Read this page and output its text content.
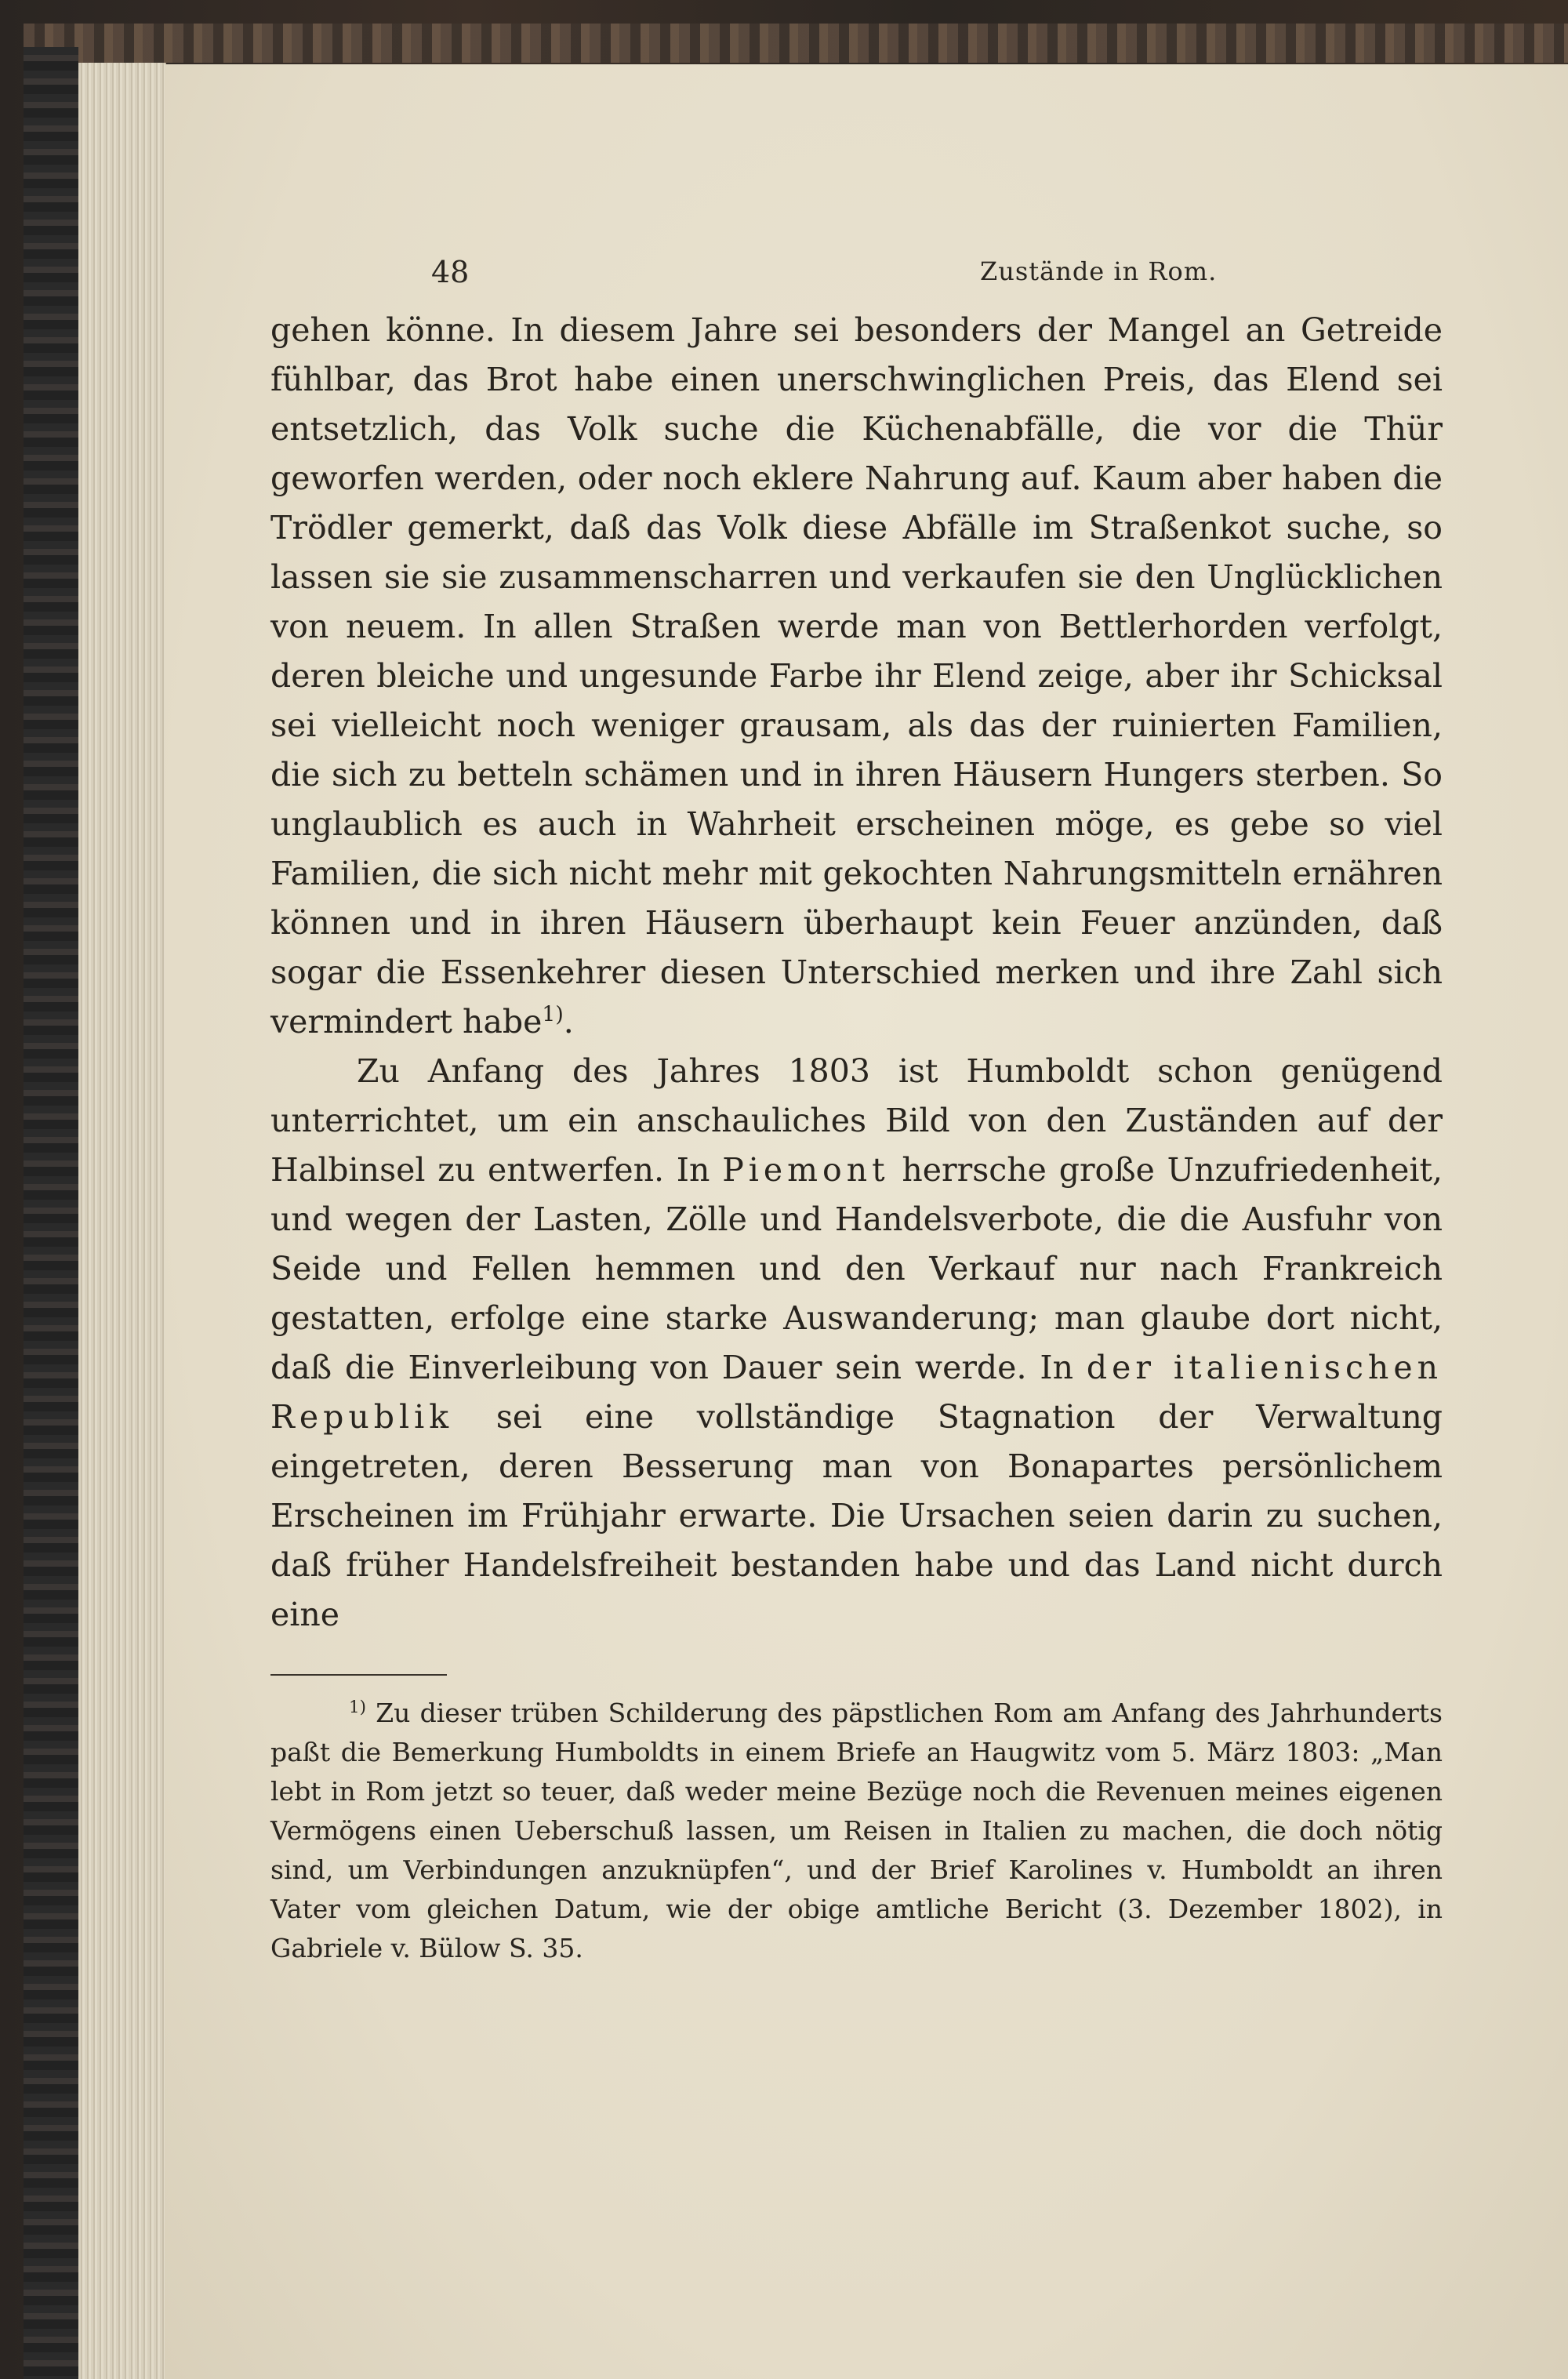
48	Zustände in Rom.

gehen könne. In diesem Jahre sei besonders der Mangel an Getreide fühlbar, das Brot habe einen unerschwinglichen Preis, das Elend sei entsetzlich, das Volk suche die Küchenabfälle, die vor die Thür geworfen werden, oder noch eklere Nahrung auf. Kaum aber haben die Trödler gemerkt, daß das Volk diese Abfälle im Straßenkot suche, so lassen sie sie zusammenscharren und verkaufen sie den Unglücklichen von neuem. In allen Straßen werde man von Bettlerhorden verfolgt, deren bleiche und ungesunde Farbe ihr Elend zeige, aber ihr Schicksal sei vielleicht noch weniger grausam, als das der ruinierten Familien, die sich zu betteln schämen und in ihren Häusern Hungers sterben. So unglaublich es auch in Wahrheit erscheinen möge, es gebe so viel Familien, die sich nicht mehr mit gekochten Nahrungsmitteln ernähren können und in ihren Häusern überhaupt kein Feuer anzünden, daß sogar die Essenkehrer diesen Unterschied merken und ihre Zahl sich vermindert habe$^{1)}$.

Zu Anfang des Jahres 1803 ist Humboldt schon genügend unterrichtet, um ein anschauliches Bild von den Zuständen auf der Halbinsel zu entwerfen. In Piemont herrsche große Unzufriedenheit, und wegen der Lasten, Zölle und Handelsverbote, die die Ausfuhr von Seide und Fellen hemmen und den Verkauf nur nach Frankreich gestatten, erfolge eine starke Auswanderung; man glaube dort nicht, daß die Einverleibung von Dauer sein werde. In der italienischen Republik sei eine vollständige Stagnation der Verwaltung eingetreten, deren Besserung man von Bonapartes persönlichem Erscheinen im Frühjahr erwarte. Die Ursachen seien darin zu suchen, daß früher Handelsfreiheit bestanden habe und das Land nicht durch eine

$^{1)}$ Zu dieser trüben Schilderung des päpstlichen Rom am Anfang des Jahrhunderts paßt die Bemerkung Humboldts in einem Briefe an Haugwitz vom 5. März 1803: „Man lebt in Rom jetzt so teuer, daß weder meine Bezüge noch die Revenuen meines eigenen Vermögens einen Ueberschuß lassen, um Reisen in Italien zu machen, die doch nötig sind, um Verbindungen anzuknüpfen“, und der Brief Karolines v. Humboldt an ihren Vater vom gleichen Datum, wie der obige amtliche Bericht (3. Dezember 1802), in Gabriele v. Bülow S. 35.
